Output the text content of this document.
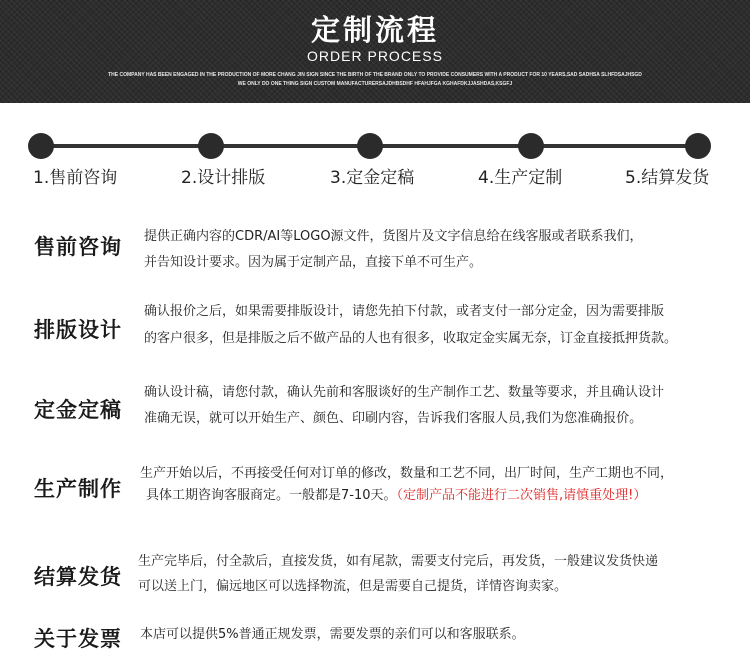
定制流程
ORDER PROCESS
THE COMPANY HAS BEEN ENGAGED IN THE PRODUCTION OF MORE CHANG JIN SIGN SINCE THE BIRTH OF THE BRAND ONLY TO PROVIDE CONSUMERS WITH A PRODUCT FOR 10 YEARS,SAD SADHSA SLHFDSAJHSGD
WE ONLY DO ONE THING SIGN CUSTOM MANUFACTURERSAJDHBSDHF HFAHJFGA KGHAFDKJJASHDAS,KSGFJ
1.售前咨询	2.设计排版	3.定金定稿	4.生产定制	5.结算发货
售前咨询 提供正确内容的CDR/AI等LOGO源文件，货图片及文字信息给在线客服或者联系我们，
并告知设计要求。因为属于定制产品，直接下单不可生产。
排版设计
确认报价之后，如果需要排版设计，请您先拍下付款，或者支付一部分定金，因为需要排版
的客户很多，但是排版之后不做产品的人也有很多，收取定金实属无奈，订金直接抵押货款。
定金定稿
确认设计稿，请您付款，确认先前和客服谈好的生产制作工艺、数量等要求，并且确认设计
准确无误，就可以开始生产、颜色、印刷内容，告诉我们客服人员,我们为您准确报价。
生产制作
生产开始以后，不再接受任何对订单的修改，数量和工艺不同，出厂时间，生产工期也不同，
具体工期咨询客服商定。一般都是7-10天。（定制产品不能进行二次销售,请慎重处理!）
结算发货
生产完毕后，付全款后，直接发货，如有尾款，需要支付完后，再发货，一般建议发货快递
可以送上门，偏远地区可以选择物流，但是需要自己提货，详情咨询卖家。
关于发票 本店可以提供5%普通正规发票，需要发票的亲们可以和客服联系。
